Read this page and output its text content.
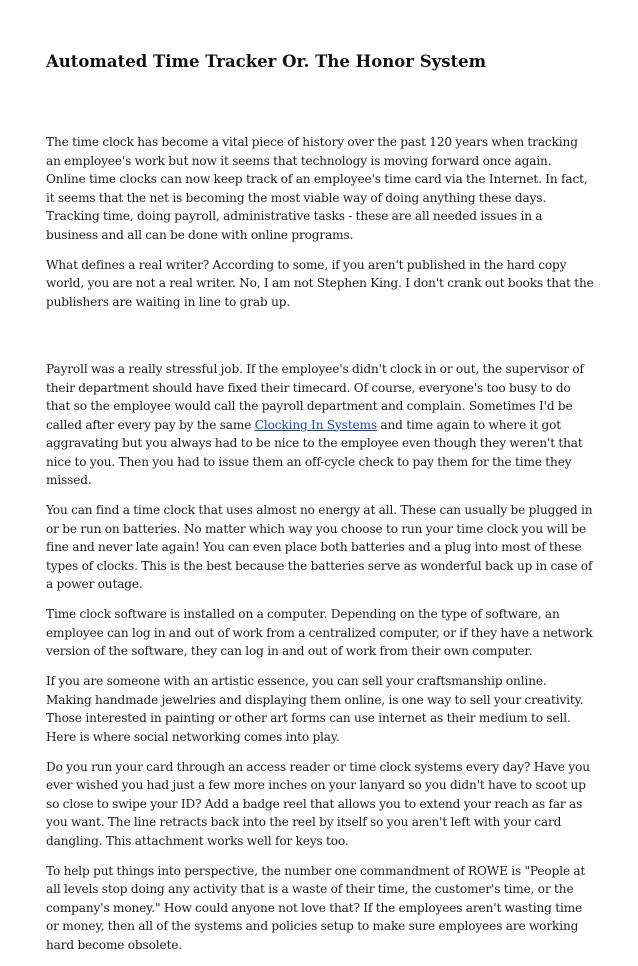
Automated Time Tracker Or. The Honor System

The time clock has become a vital piece of history over the past 120 years when tracking an employee's work but now it seems that technology is moving forward once again. Online time clocks can now keep track of an employee's time card via the Internet. In fact, it seems that the net is becoming the most viable way of doing anything these days. Tracking time, doing payroll, administrative tasks - these are all needed issues in a business and all can be done with online programs.

What defines a real writer? According to some, if you aren't published in the hard copy world, you are not a real writer. No, I am not Stephen King. I don't crank out books that the publishers are waiting in line to grab up.

Payroll was a really stressful job. If the employee's didn't clock in or out, the supervisor of their department should have fixed their timecard. Of course, everyone's too busy to do that so the employee would call the payroll department and complain. Sometimes I'd be called after every pay by the same Clocking In Systems and time again to where it got aggravating but you always had to be nice to the employee even though they weren't that nice to you. Then you had to issue them an off-cycle check to pay them for the time they missed.

You can find a time clock that uses almost no energy at all. These can usually be plugged in or be run on batteries. No matter which way you choose to run your time clock you will be fine and never late again! You can even place both batteries and a plug into most of these types of clocks. This is the best because the batteries serve as wonderful back up in case of a power outage.

Time clock software is installed on a computer. Depending on the type of software, an employee can log in and out of work from a centralized computer, or if they have a network version of the software, they can log in and out of work from their own computer.

If you are someone with an artistic essence, you can sell your craftsmanship online. Making handmade jewelries and displaying them online, is one way to sell your creativity. Those interested in painting or other art forms can use internet as their medium to sell. Here is where social networking comes into play.

Do you run your card through an access reader or time clock systems every day? Have you ever wished you had just a few more inches on your lanyard so you didn't have to scoot up so close to swipe your ID? Add a badge reel that allows you to extend your reach as far as you want. The line retracts back into the reel by itself so you aren't left with your card dangling. This attachment works well for keys too.

To help put things into perspective, the number one commandment of ROWE is "People at all levels stop doing any activity that is a waste of their time, the customer's time, or the company's money." How could anyone not love that? If the employees aren't wasting time or money, then all of the systems and policies setup to make sure employees are working hard become obsolete.
